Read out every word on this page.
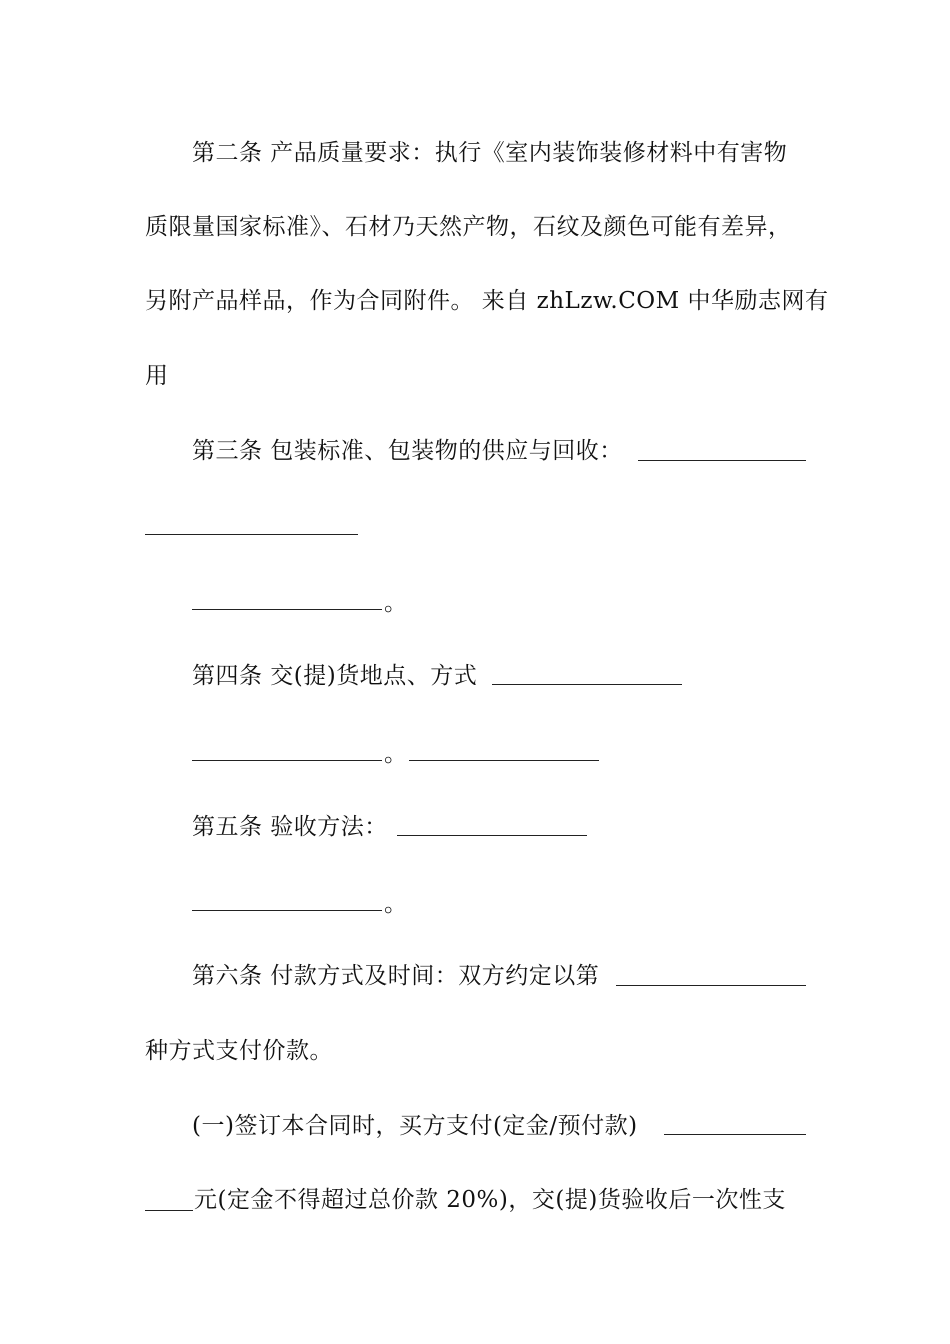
第二条 产品质量要求：执行《室内装饰装修材料中有害物
质限量国家标准》、石材乃天然产物，石纹及颜色可能有差异，
另附产品样品，作为合同附件。 来自 zhLzw.COM 中华励志网有
用
第三条 包装标准、包装物的供应与回收：
。
第四条 交(提)货地点、方式
。
第五条 验收方法：
。
第六条 付款方式及时间：双方约定以第
种方式支付价款。
(一)签订本合同时，买方支付(定金/预付款)
元(定金不得超过总价款 20%)，交(提)货验收后一次性支
